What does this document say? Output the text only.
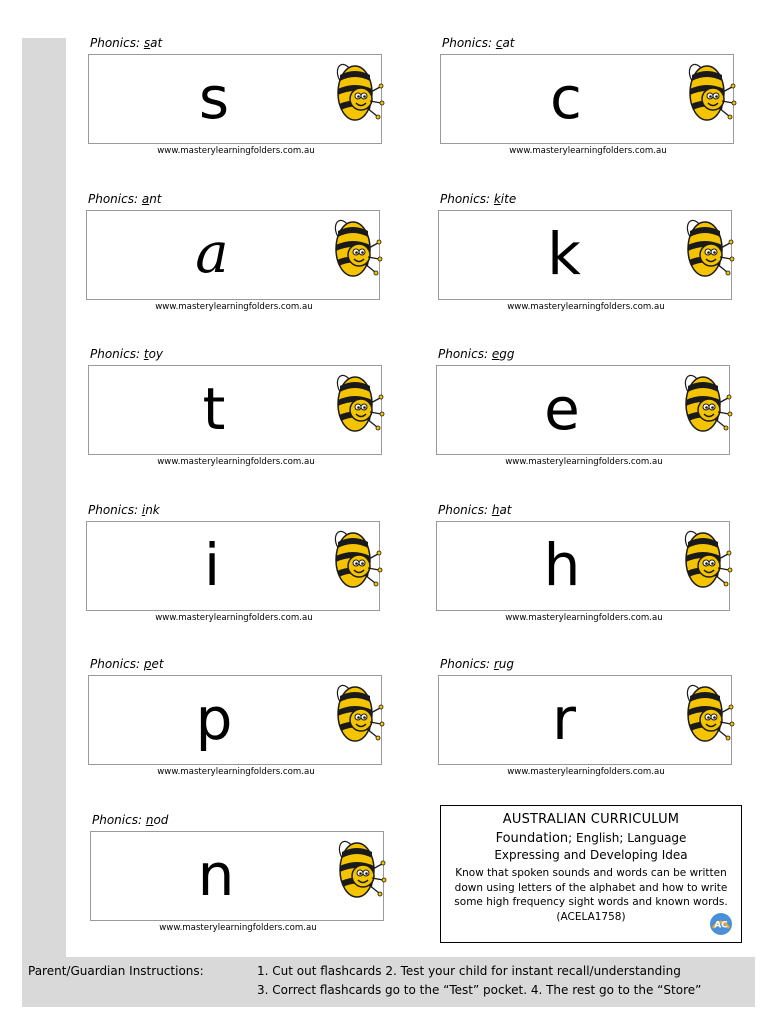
Phonics: sat
s
www.masterylearningfolders.com.au
Phonics: cat
c
www.masterylearningfolders.com.au
Phonics: ant
a
www.masterylearningfolders.com.au
Phonics: kite
k
www.masterylearningfolders.com.au
Phonics: toy
t
www.masterylearningfolders.com.au
Phonics: egg
e
www.masterylearningfolders.com.au
Phonics: ink
i
www.masterylearningfolders.com.au
Phonics: hat
h
www.masterylearningfolders.com.au
Phonics: pet
p
www.masterylearningfolders.com.au
Phonics: rug
r
www.masterylearningfolders.com.au
Phonics: nod
n
www.masterylearningfolders.com.au
AUSTRALIAN CURRICULUM
Foundation; English; Language
Expressing and Developing Idea
Know that spoken sounds and words can be written down using letters of the alphabet and how to write some high frequency sight words and known words. (ACELA1758)
AC
Parent/Guardian Instructions:	1. Cut out flashcards 2. Test your child for instant recall/understanding
3. Correct flashcards go to the “Test” pocket. 4. The rest go to the “Store”
